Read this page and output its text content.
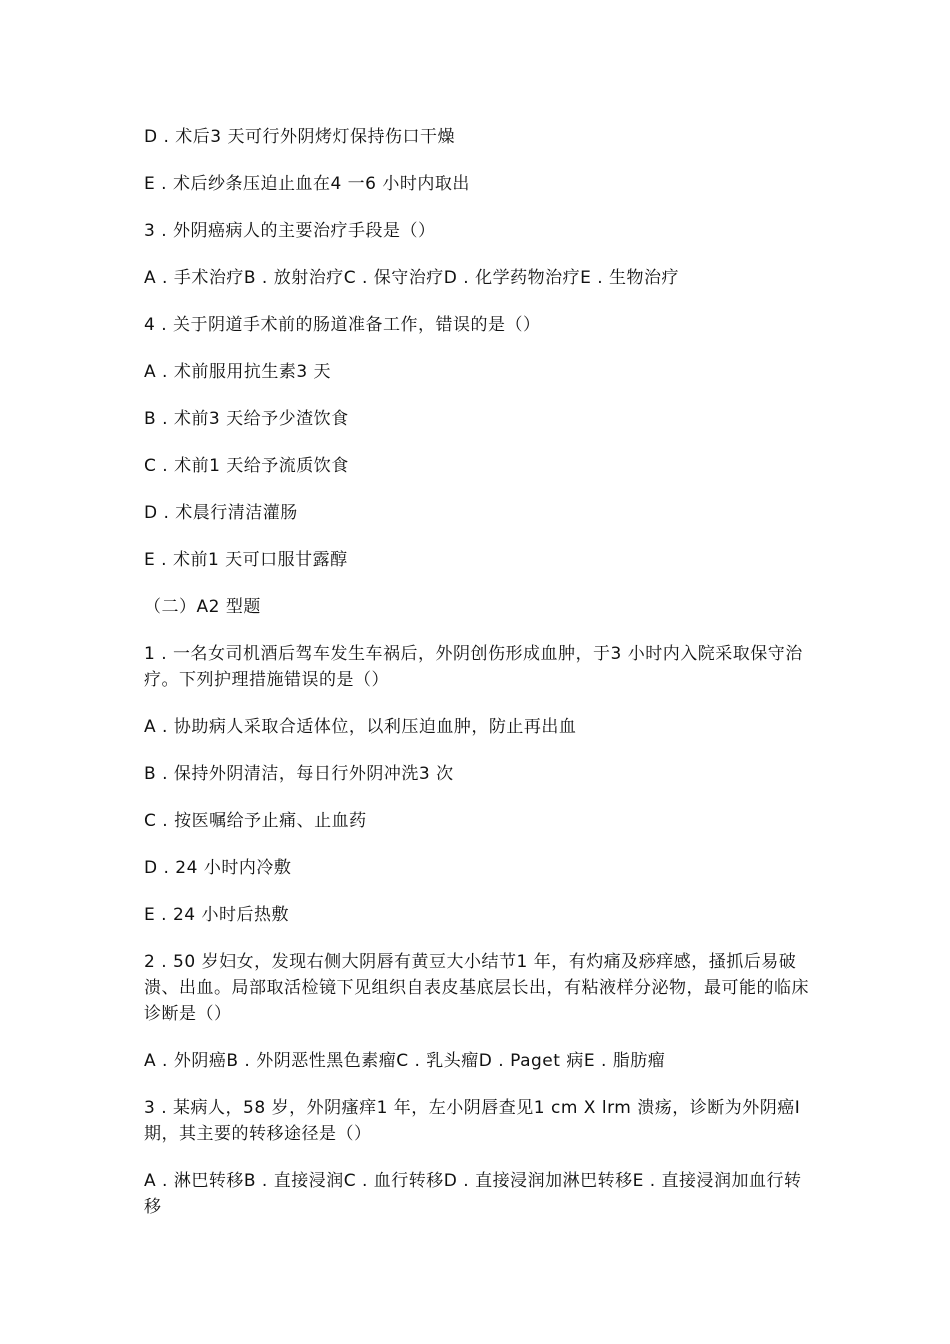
D . 术后3 天可行外阴烤灯保持伤口干燥

E . 术后纱条压迫止血在4 一6 小时内取出

3 . 外阴癌病人的主要治疗手段是（）

A . 手术治疗B . 放射治疗C . 保守治疗D . 化学药物治疗E . 生物治疗

4 . 关于阴道手术前的肠道准备工作，错误的是（）

A . 术前服用抗生素3 天

B . 术前3 天给予少渣饮食

C . 术前1 天给予流质饮食

D . 术晨行清洁灌肠

E . 术前1 天可口服甘露醇

（二）A2 型题

1 . 一名女司机酒后驾车发生车祸后，外阴创伤形成血肿，于3 小时内入院采取保守治疗。下列护理措施错误的是（）

A . 协助病人采取合适体位，以利压迫血肿，防止再出血

B . 保持外阴清洁，每日行外阴冲洗3 次

C . 按医嘱给予止痛、止血药

D . 24 小时内冷敷

E . 24 小时后热敷

2 . 50 岁妇女，发现右侧大阴唇有黄豆大小结节1 年，有灼痛及痧痒感，搔抓后易破溃、出血。局部取活检镜下见组织自表皮基底层长出，有粘液样分泌物，最可能的临床诊断是（）

A . 外阴癌B . 外阴恶性黑色素瘤C . 乳头瘤D . Paget 病E . 脂肪瘤

3 . 某病人，58 岁，外阴瘙痒1 年，左小阴唇查见1 cm X lrm 溃疡，诊断为外阴癌I 期，其主要的转移途径是（）

A . 淋巴转移B . 直接浸润C . 血行转移D . 直接浸润加淋巴转移E . 直接浸润加血行转移
